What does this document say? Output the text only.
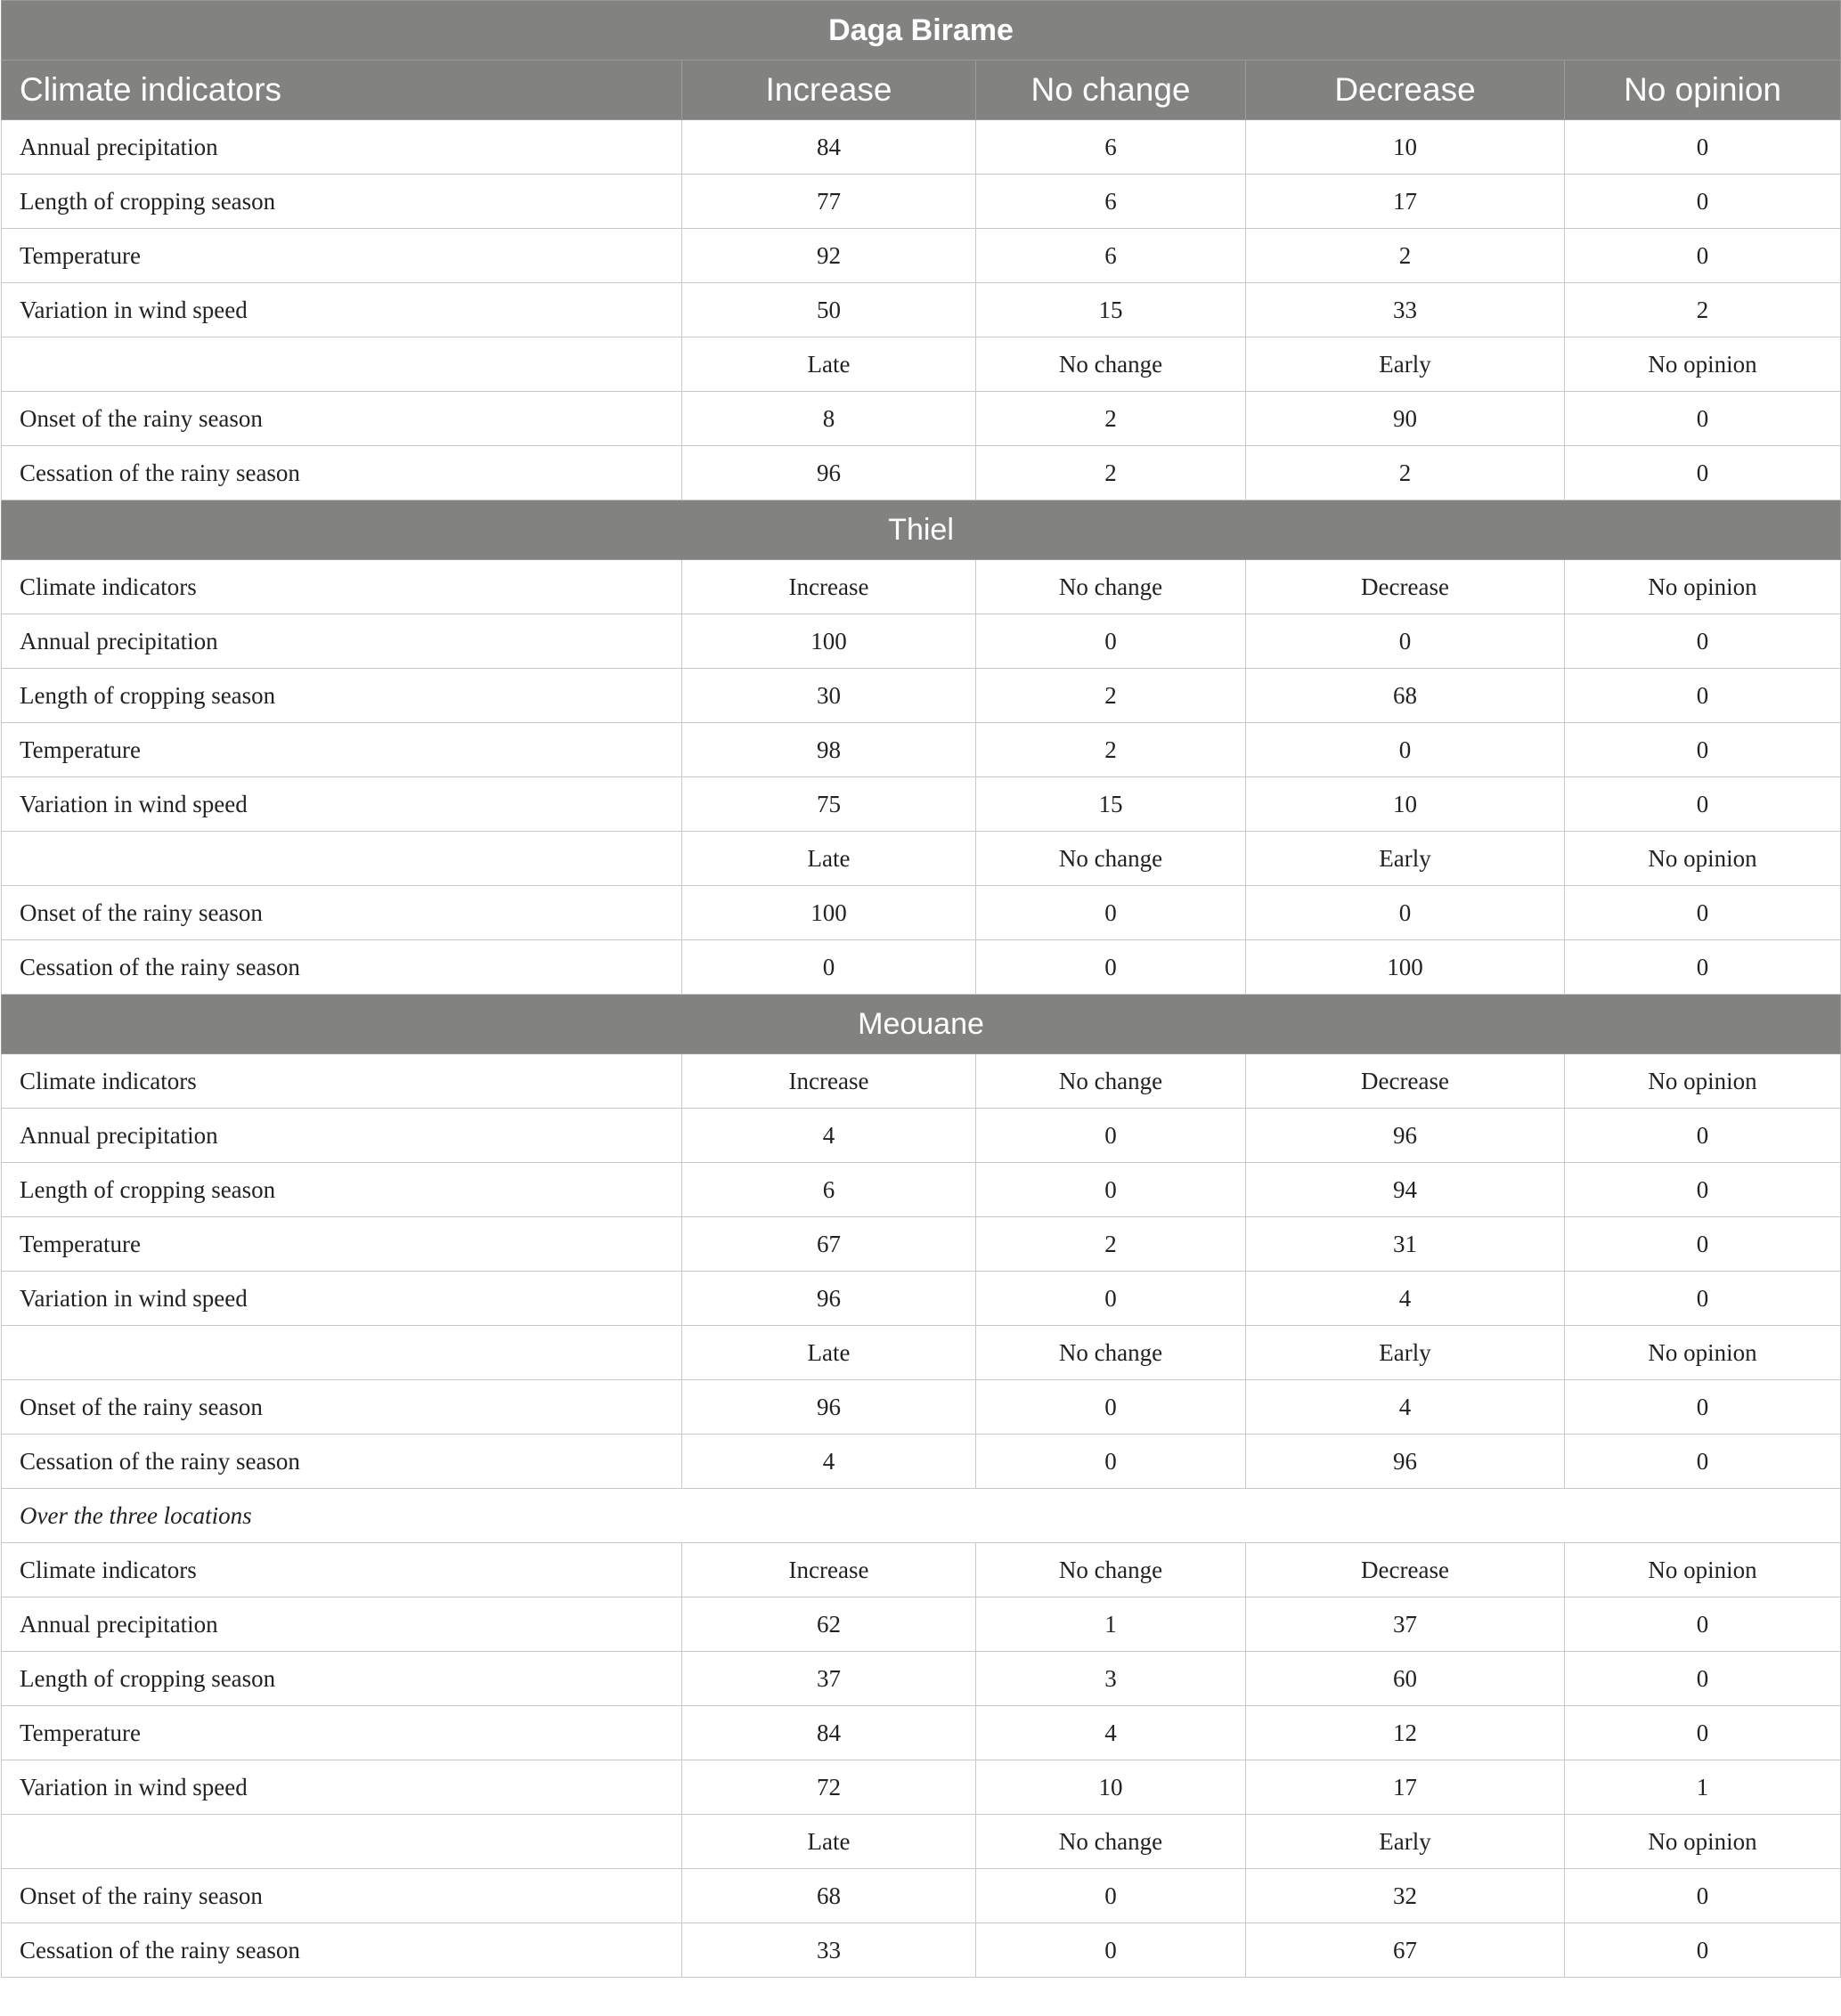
Daga Birame				
Climate indicators	Increase	No change	Decrease	No opinion
Annual precipitation	84	6	10	0
Length of cropping season	77	6	17	0
Temperature	92	6	2	0
Variation in wind speed	50	15	33	2
	Late	No change	Early	No opinion
Onset of the rainy season	8	2	90	0
Cessation of the rainy season	96	2	2	0
Thiel				
Climate indicators	Increase	No change	Decrease	No opinion
Annual precipitation	100	0	0	0
Length of cropping season	30	2	68	0
Temperature	98	2	0	0
Variation in wind speed	75	15	10	0
	Late	No change	Early	No opinion
Onset of the rainy season	100	0	0	0
Cessation of the rainy season	0	0	100	0
Meouane				
Climate indicators	Increase	No change	Decrease	No opinion
Annual precipitation	4	0	96	0
Length of cropping season	6	0	94	0
Temperature	67	2	31	0
Variation in wind speed	96	0	4	0
	Late	No change	Early	No opinion
Onset of the rainy season	96	0	4	0
Cessation of the rainy season	4	0	96	0
Over the three locations				
Climate indicators	Increase	No change	Decrease	No opinion
Annual precipitation	62	1	37	0
Length of cropping season	37	3	60	0
Temperature	84	4	12	0
Variation in wind speed	72	10	17	1
	Late	No change	Early	No opinion
Onset of the rainy season	68	0	32	0
Cessation of the rainy season	33	0	67	0
